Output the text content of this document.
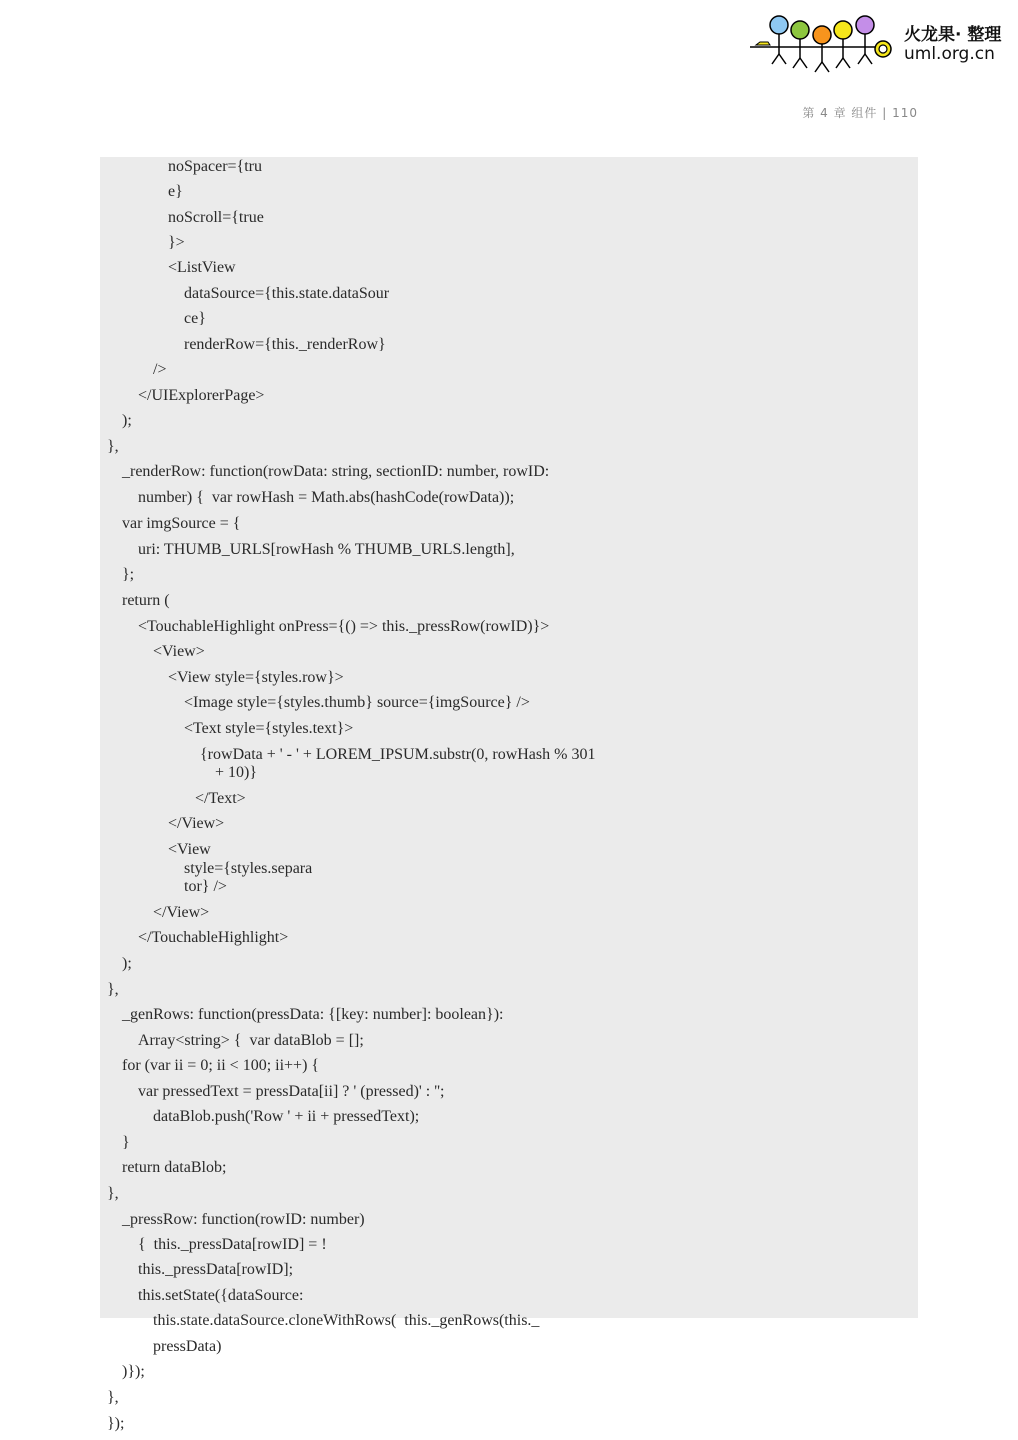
火龙果· 整理
uml.org.cn
第 4 章 组件 | 110
noSpacer={tru
e}
noScroll={true
}>
<ListView
dataSource={this.state.dataSour
ce}
renderRow={this._renderRow}
/>
</UIExplorerPage>
);
},
_renderRow: function(rowData: string, sectionID: number, rowID:
number) {  var rowHash = Math.abs(hashCode(rowData));
var imgSource = {
uri: THUMB_URLS[rowHash % THUMB_URLS.length],
};
return (
<TouchableHighlight onPress={() => this._pressRow(rowID)}>
<View>
<View style={styles.row}>
<Image style={styles.thumb} source={imgSource} />
<Text style={styles.text}>
{rowData + ' - ' + LOREM_IPSUM.substr(0, rowHash % 301
+ 10)}
</Text>
</View>
<View
style={styles.separa
tor} />
</View>
</TouchableHighlight>
);
},
_genRows: function(pressData: {[key: number]: boolean}):
Array<string> {  var dataBlob = [];
for (var ii = 0; ii < 100; ii++) {
var pressedText = pressData[ii] ? ' (pressed)' : '';
dataBlob.push('Row ' + ii + pressedText);
}
return dataBlob;
},
_pressRow: function(rowID: number)
{  this._pressData[rowID] = !
this._pressData[rowID];
this.setState({dataSource:
this.state.dataSource.cloneWithRows(  this._genRows(this._
pressData)
)});
},
});
